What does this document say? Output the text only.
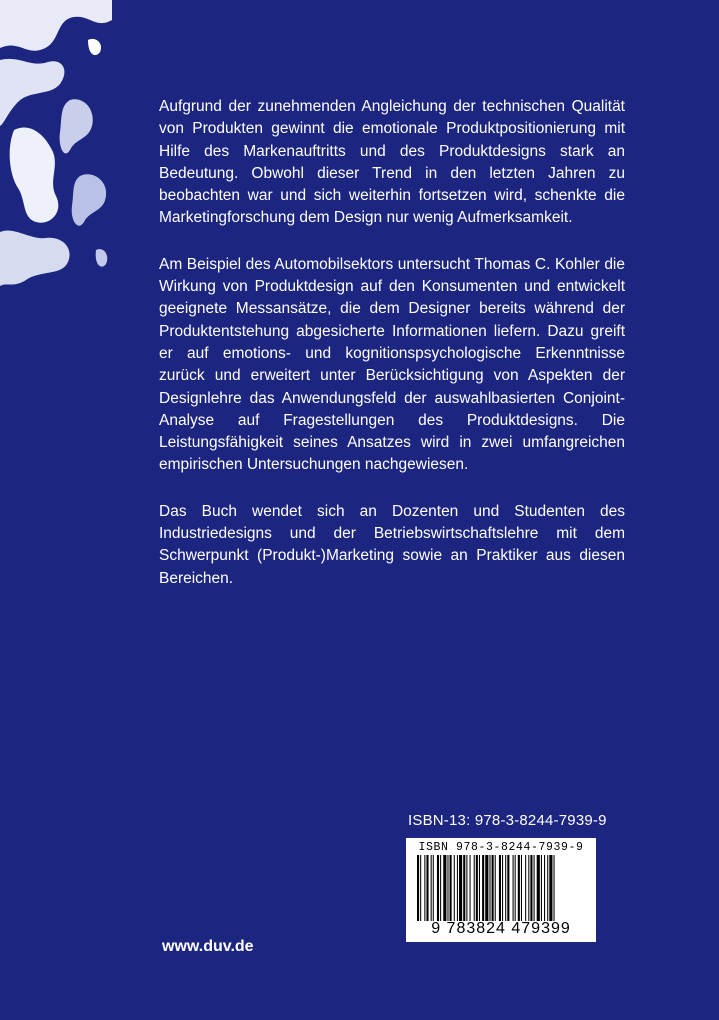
Aufgrund der zunehmenden Angleichung der technischen Qualität von Produkten gewinnt die emotionale Produktpositionierung mit Hilfe des Markenauftritts und des Produktdesigns stark an Bedeutung. Obwohl dieser Trend in den letzten Jahren zu beobachten war und sich weiterhin fortsetzen wird, schenkte die Marketingforschung dem Design nur wenig Aufmerksamkeit.

Am Beispiel des Automobilsektors untersucht Thomas C. Kohler die Wirkung von Produktdesign auf den Konsumenten und entwickelt geeignete Messansätze, die dem Designer bereits während der Produktentstehung abgesicherte Informationen liefern. Dazu greift er auf emotions- und kognitionspsychologische Erkenntnisse zurück und erweitert unter Berücksichtigung von Aspekten der Designlehre das Anwendungsfeld der auswahlbasierten Conjoint-Analyse auf Fragestellungen des Produktdesigns. Die Leistungsfähigkeit seines Ansatzes wird in zwei umfangreichen empirischen Untersuchungen nachgewiesen.

Das Buch wendet sich an Dozenten und Studenten des Industriedesigns und der Betriebswirtschaftslehre mit dem Schwerpunkt (Produkt-)Marketing sowie an Praktiker aus diesen Bereichen.

ISBN-13: 978-3-8244-7939-9
ISBN 978-3-8244-7939-9
9 783824 479399
www.duv.de
